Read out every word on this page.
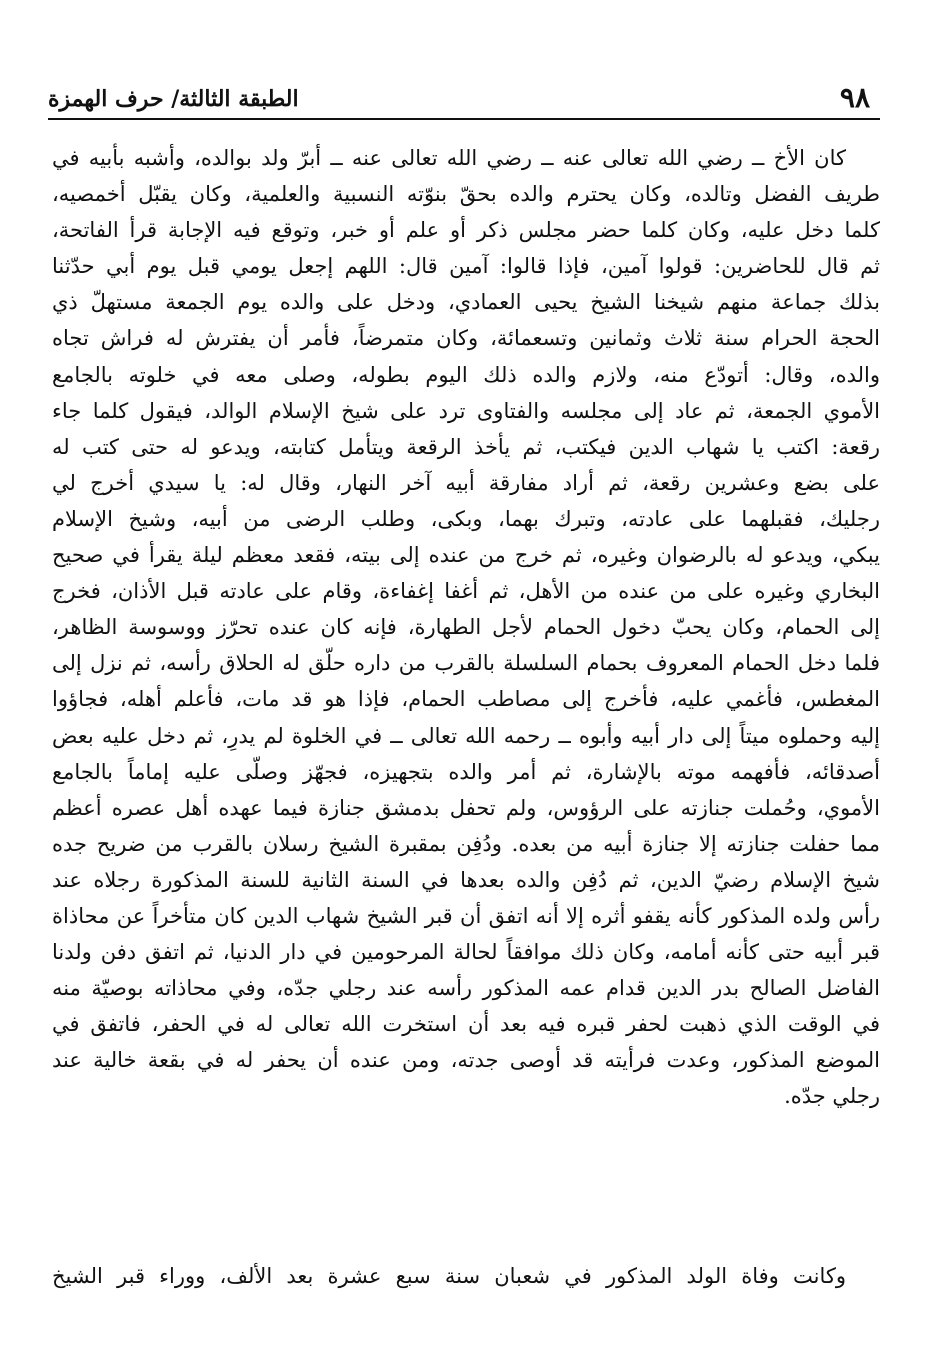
٩٨
الطبقة الثالثة/ حرف الهمزة
كان الأخ ــ رضي الله تعالى عنه ــ رضي الله تعالى عنه ــ أبرّ ولد بوالده، وأشبه بأبيه في
طريف الفضل وتالده، وكان يحترم والده بحقّ بنوّته النسبية والعلمية، وكان يقبّل أخمصيه،
كلما دخل عليه، وكان كلما حضر مجلس ذكر أو علم أو خبر، وتوقع فيه الإجابة قرأ الفاتحة،
ثم قال للحاضرين: قولوا آمين، فإذا قالوا: آمين قال: اللهم إجعل يومي قبل يوم أبي حدّثنا
بذلك جماعة منهم شيخنا الشيخ يحيى العمادي، ودخل على والده يوم الجمعة مستهلّ ذي
الحجة الحرام سنة ثلاث وثمانين وتسعمائة، وكان متمرضاً، فأمر أن يفترش له فراش تجاه
والده، وقال: أتودّع منه، ولازم والده ذلك اليوم بطوله، وصلى معه في خلوته بالجامع
الأموي الجمعة، ثم عاد إلى مجلسه والفتاوى ترد على شيخ الإسلام الوالد، فيقول كلما جاء
رقعة: اكتب يا شهاب الدين فيكتب، ثم يأخذ الرقعة ويتأمل كتابته، ويدعو له حتى كتب له
على بضع وعشرين رقعة، ثم أراد مفارقة أبيه آخر النهار، وقال له: يا سيدي أخرج لي
رجليك، فقبلهما على عادته، وتبرك بهما، وبكى، وطلب الرضى من أبيه، وشيخ الإسلام
يبكي، ويدعو له بالرضوان وغيره، ثم خرج من عنده إلى بيته، فقعد معظم ليلة يقرأ في صحيح
البخاري وغيره على من عنده من الأهل، ثم أغفا إغفاءة، وقام على عادته قبل الأذان، فخرج
إلى الحمام، وكان يحبّ دخول الحمام لأجل الطهارة، فإنه كان عنده تحرّز ووسوسة الظاهر،
فلما دخل الحمام المعروف بحمام السلسلة بالقرب من داره حلّق له الحلاق رأسه، ثم نزل إلى
المغطس، فأغمي عليه، فأخرج إلى مصاطب الحمام، فإذا هو قد مات، فأعلم أهله، فجاؤوا
إليه وحملوه ميتاً إلى دار أبيه وأبوه ــ رحمه الله تعالى ــ في الخلوة لم يدرِ، ثم دخل عليه بعض
أصدقائه، فأفهمه موته بالإشارة، ثم أمر والده بتجهيزه، فجهّز وصلّى عليه إماماً بالجامع
الأموي، وحُملت جنازته على الرؤوس، ولم تحفل بدمشق جنازة فيما عهده أهل عصره أعظم
مما حفلت جنازته إلا جنازة أبيه من بعده. ودُفِن بمقبرة الشيخ رسلان بالقرب من ضريح جده
شيخ الإسلام رضيّ الدين، ثم دُفِن والده بعدها في السنة الثانية للسنة المذكورة رجلاه عند
رأس ولده المذكور كأنه يقفو أثره إلا أنه اتفق أن قبر الشيخ شهاب الدين كان متأخراً عن محاذاة
قبر أبيه حتى كأنه أمامه، وكان ذلك موافقاً لحالة المرحومين في دار الدنيا، ثم اتفق دفن ولدنا
الفاضل الصالح بدر الدين قدام عمه المذكور رأسه عند رجلي جدّه، وفي محاذاته بوصيّة منه
في الوقت الذي ذهبت لحفر قبره فيه بعد أن استخرت الله تعالى له في الحفر، فاتفق في
الموضع المذكور، وعدت فرأيته قد أوصى جدته، ومن عنده أن يحفر له في بقعة خالية عند
رجلي جدّه.
وكانت وفاة الولد المذكور في شعبان سنة سبع عشرة بعد الألف، ووراء قبر الشيخ
